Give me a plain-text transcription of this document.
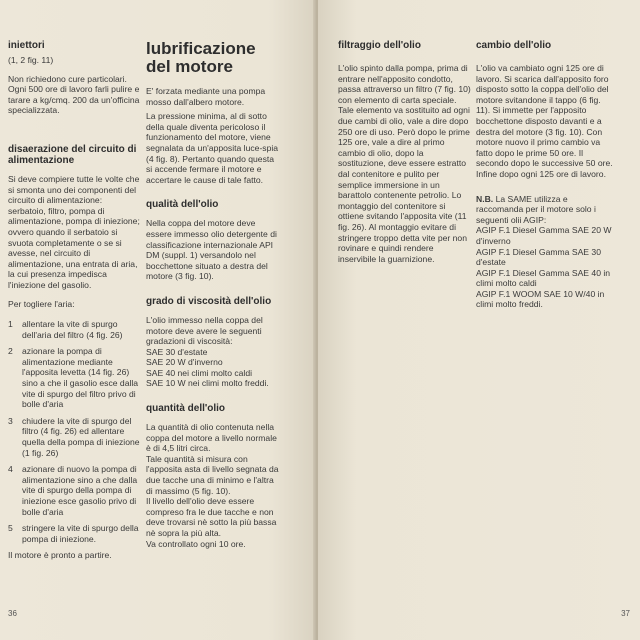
iniettori

(1, 2 fig. 11)

Non richiedono cure particolari. Ogni 500 ore di lavoro farli pulire e tarare a kg/cmq. 200 da un'officina specializzata.

disaerazione del circuito di alimentazione

Si deve compiere tutte le volte che si smonta uno dei componenti del circuito di alimentazione: serbatoio, filtro, pompa di alimentazione, pompa di iniezione; ovvero quando il serbatoio si svuota completamente o se si avesse, nel circuito di alimentazione, una entrata di aria, la cui presenza impedisca l'iniezione del gasolio.

Per togliere l'aria:

1	allentare la vite di spurgo dell'aria del filtro (4 fig. 26)
2	azionare la pompa di alimentazione mediante l'apposita levetta (14 fig. 26) sino a che il gasolio esce dalla vite di spurgo del filtro privo di bolle d'aria
3	chiudere la vite di spurgo del filtro (4 fig. 26) ed allentare quella della pompa di iniezione (1 fig. 26)
4	azionare di nuovo la pompa di alimentazione sino a che dalla vite di spurgo della pompa di iniezione esce gasolio privo di bolle d'aria
5	stringere la vite di spurgo della pompa di iniezione.

Il motore è pronto a partire.

lubrificazione del motore

E' forzata mediante una pompa mosso dall'albero motore.

La pressione minima, al di sotto della quale diventa pericoloso il funzionamento del motore, viene segnalata da un'apposita luce-spia (4 fig. 8). Pertanto quando questa si accende fermare il motore e accertare le cause di tale fatto.

qualità dell'olio

Nella coppa del motore deve essere immesso olio detergente di classificazione internazionale API DM (suppl. 1) versandolo nel bocchettone situato a destra del motore (3 fig. 10).

grado di viscosità dell'olio

L'olio immesso nella coppa del motore deve avere le seguenti gradazioni di viscosità:

SAE 30 d'estate
SAE 20 W d'inverno
SAE 40 nei climi molto caldi
SAE 10 W nei climi molto freddi.
quantità dell'olio

La quantità di olio contenuta nella coppa del motore a livello normale è di 4,5 litri circa.

Tale quantità si misura con l'apposita asta di livello segnata da due tacche una di minimo e l'altra di massimo (5 fig. 10).

Il livello dell'olio deve essere compreso fra le due tacche e non deve trovarsi nè sotto la più bassa nè sopra la più alta.

Va controllato ogni 10 ore.

36
filtraggio dell'olio

L'olio spinto dalla pompa, prima di entrare nell'apposito condotto, passa attraverso un filtro (7 fig. 10) con elemento di carta speciale. Tale elemento va sostituito ad ogni due cambi di olio, vale a dire dopo 250 ore di uso. Però dopo le prime 125 ore, vale a dire al primo cambio di olio, dopo la sostituzione, deve essere estratto dal contenitore e pulito per semplice immersione in un barattolo contenente petrolio. Lo montaggio del contenitore si ottiene svitando l'apposita vite (11 fig. 26). Al montaggio evitare di stringere troppo detta vite per non rovinare e quindi rendere inservibile la guarnizione.

cambio dell'olio

L'olio va cambiato ogni 125 ore di lavoro. Si scarica dall'apposito foro disposto sotto la coppa dell'olio del motore svitandone il tappo (6 fig. 11). Si immette per l'apposito bocchettone disposto davanti e a destra del motore (3 fig. 10). Con motore nuovo il primo cambio va fatto dopo le prime 50 ore. Il secondo dopo le successive 50 ore. Infine dopo ogni 125 ore di lavoro.

N.B. La SAME utilizza e raccomanda per il motore solo i seguenti olii AGIP:

AGIP F.1 Diesel Gamma SAE 20 W d'inverno
AGIP F.1 Diesel Gamma SAE 30 d'estate
AGIP F.1 Diesel Gamma SAE 40 in climi molto caldi
AGIP F.1 WOOM SAE 10 W/40 in climi molto freddi.
37
